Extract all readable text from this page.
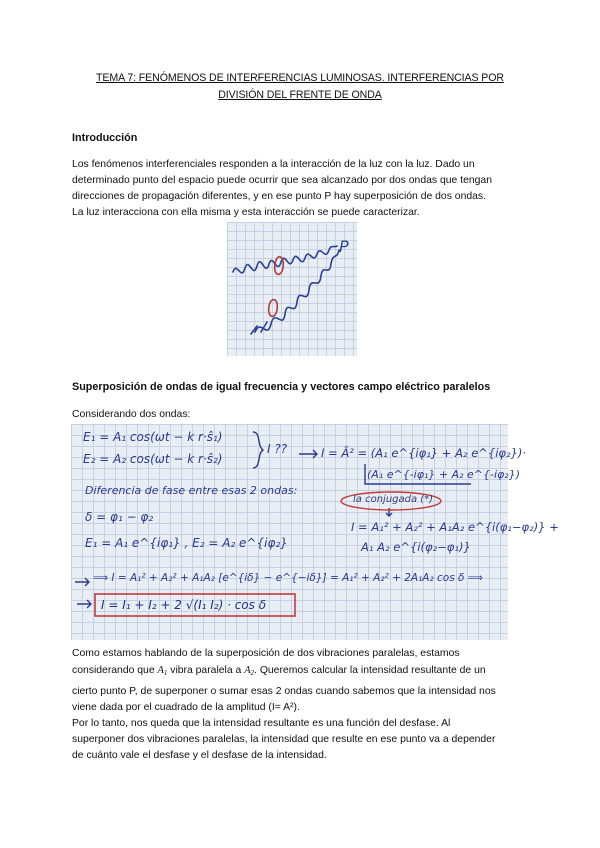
TEMA 7: FENÓMENOS DE INTERFERENCIAS LUMINOSAS. INTERFERENCIAS POR
DIVISIÓN DEL FRENTE DE ONDA
Introducción
Los fenómenos interferenciales responden a la interacción de la luz con la luz. Dado un
determinado punto del espacio puede ocurrir que sea alcanzado por dos ondas que tengan
direcciones de propagación diferentes, y en ese punto P hay superposición de dos ondas.
La luz interacciona con ella misma y esta interacción se puede caracterizar.
P
Superposición de ondas de igual frecuencia y vectores campo eléctrico paralelos
Considerando dos ondas:
E₁ = A₁ cos(ωt − k r·ŝ₁)
E₂ = A₂ cos(ωt − k r·ŝ₂)
I ??	I = Ā² = (A₁ e^{iφ₁} + A₂ e^{iφ₂})·
(A₁ e^{-iφ₁} + A₂ e^{-iφ₂})
la conjugada (*)
Diferencia de fase entre esas 2 ondas:
δ = φ₁ − φ₂
E₁ = A₁ e^{iφ₁} , E₂ = A₂ e^{iφ₂}
I = A₁² + A₂² + A₁A₂ e^{i(φ₁−φ₂)} +
A₁ A₂ e^{i(φ₂−φ₁)}
⟹ I = A₁² + A₂² + A₁A₂ [e^{iδ} − e^{−iδ}] = A₁² + A₂² + 2A₁A₂ cos δ ⟹
I = I₁ + I₂ + 2 √(I₁ I₂) · cos δ
Como estamos hablando de la superposición de dos vibraciones paralelas, estamos
considerando que $A_1$ vibra paralela a $A_2$. Queremos calcular la intensidad resultante de un
cierto punto P, de superponer o sumar esas 2 ondas cuando sabemos que la intensidad nos
viene dada por el cuadrado de la amplitud (I= A²).
Por lo tanto, nos queda que la intensidad resultante es una función del desfase. Al
superponer dos vibraciones paralelas, la intensidad que resulte en ese punto va a depender
de cuánto vale el desfase y el desfase de la intensidad.
